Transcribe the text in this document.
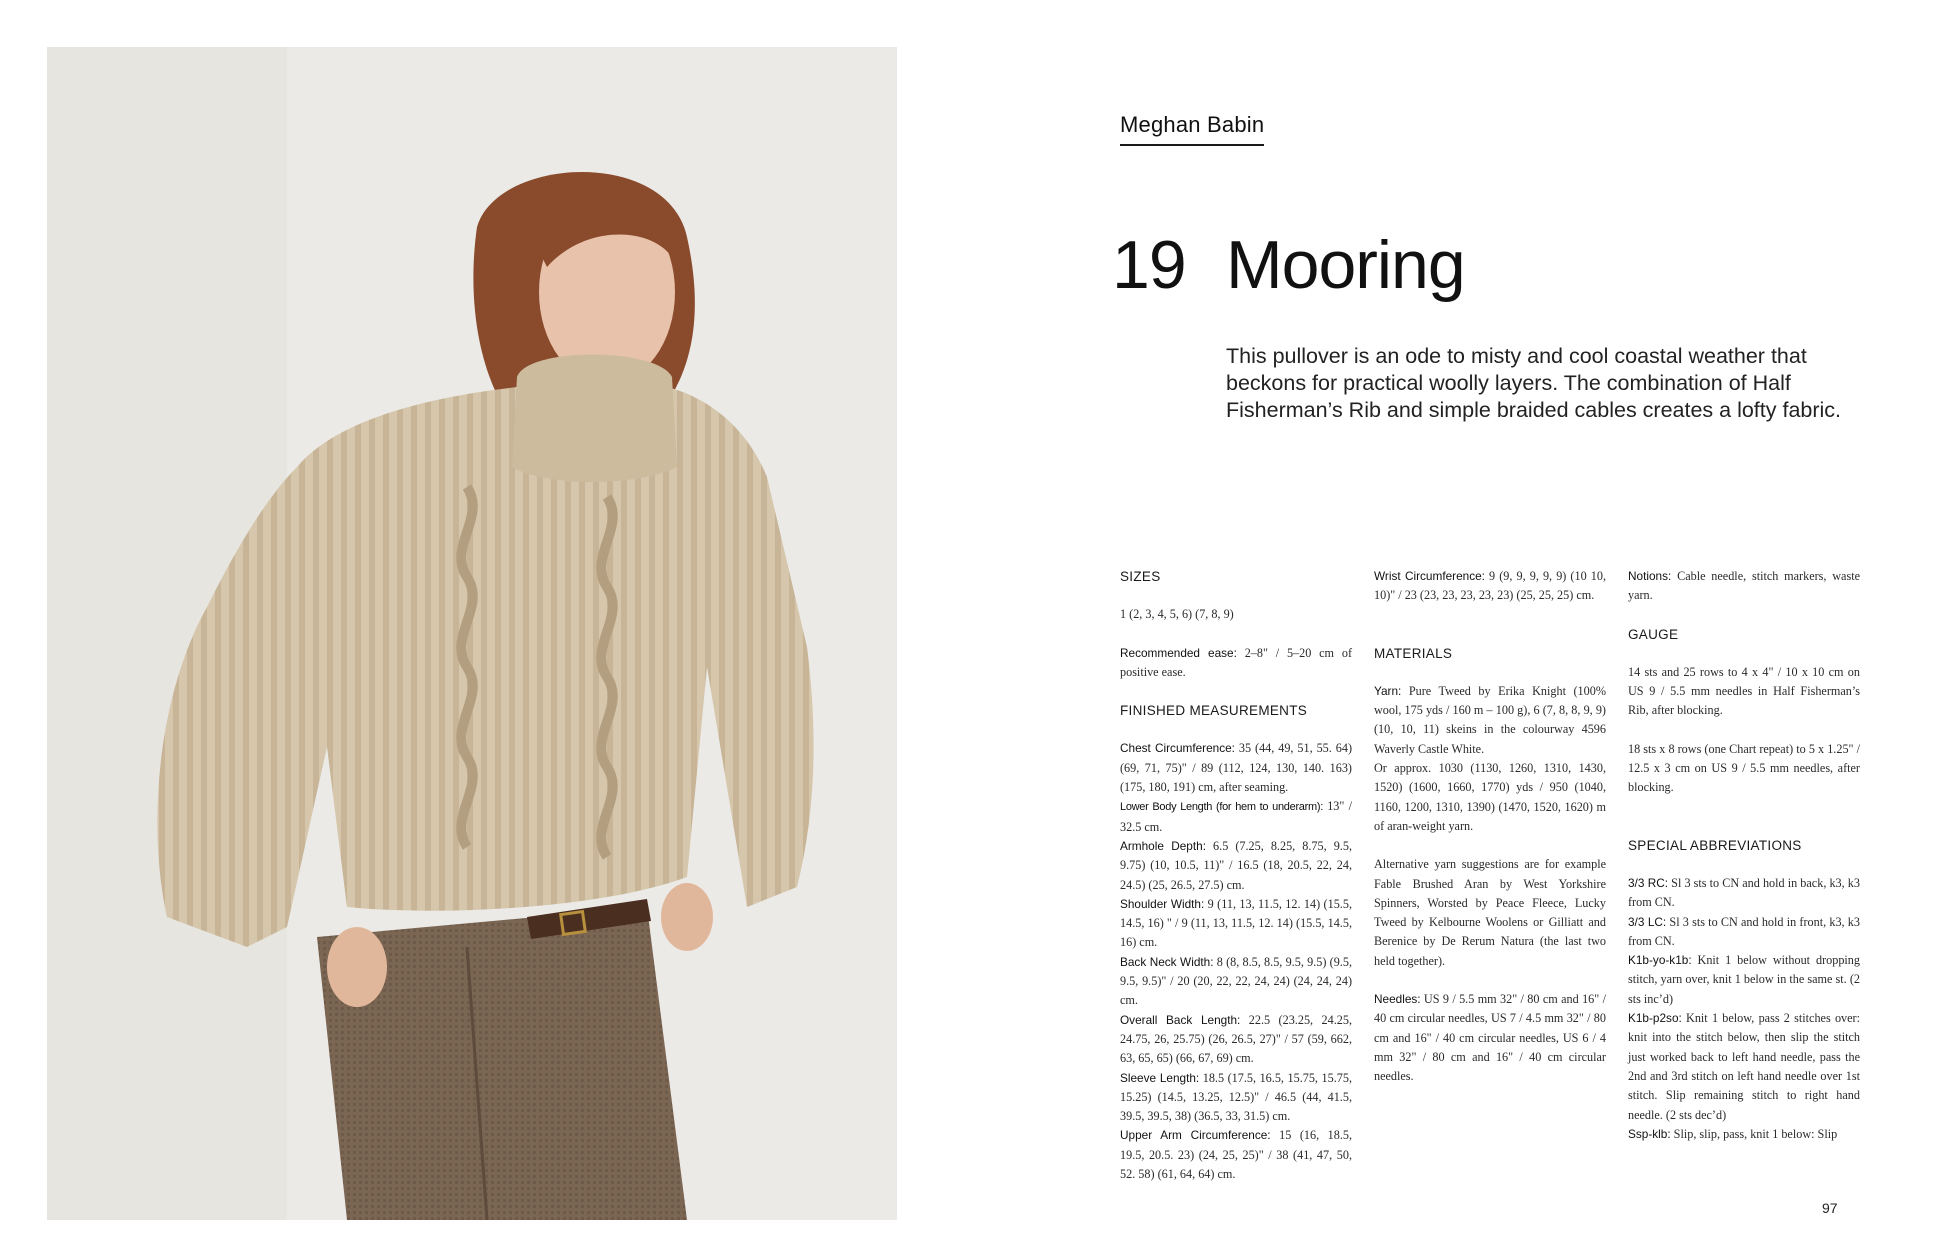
Meghan Babin
19 Mooring
This pullover is an ode to misty and cool coastal weather that beckons for practical woolly layers. The combination of Half Fisherman’s Rib and simple braided cables creates a lofty fabric.

SIZES

1 (2, 3, 4, 5, 6) (7, 8, 9)

Recommended ease: 2–8" / 5–20 cm of positive ease.

FINISHED MEASUREMENTS

Chest Circumference: 35 (44, 49, 51, 55. 64) (69, 71, 75)" / 89 (112, 124, 130, 140. 163) (175, 180, 191) cm, after seaming.

Lower Body Length (for hem to underarm): 13" / 32.5 cm.

Armhole Depth: 6.5 (7.25, 8.25, 8.75, 9.5, 9.75) (10, 10.5, 11)" / 16.5 (18, 20.5, 22, 24, 24.5) (25, 26.5, 27.5) cm.

Shoulder Width: 9 (11, 13, 11.5, 12. 14) (15.5, 14.5, 16) " / 9 (11, 13, 11.5, 12. 14) (15.5, 14.5, 16) cm.

Back Neck Width: 8 (8, 8.5, 8.5, 9.5, 9.5) (9.5, 9.5, 9.5)" / 20 (20, 22, 22, 24, 24) (24, 24, 24) cm.

Overall Back Length: 22.5 (23.25, 24.25, 24.75, 26, 25.75) (26, 26.5, 27)" / 57 (59, 662, 63, 65, 65) (66, 67, 69) cm.

Sleeve Length: 18.5 (17.5, 16.5, 15.75, 15.75, 15.25) (14.5, 13.25, 12.5)" / 46.5 (44, 41.5, 39.5, 39.5, 38) (36.5, 33, 31.5) cm.

Upper Arm Circumference: 15 (16, 18.5, 19.5, 20.5. 23) (24, 25, 25)" / 38 (41, 47, 50, 52. 58) (61, 64, 64) cm.

Wrist Circumference: 9 (9, 9, 9, 9, 9) (10 10, 10)" / 23 (23, 23, 23, 23, 23) (25, 25, 25) cm.

MATERIALS

Yarn: Pure Tweed by Erika Knight (100% wool, 175 yds / 160 m – 100 g), 6 (7, 8, 8, 9, 9) (10, 10, 11) skeins in the colourway 4596 Waverly Castle White.

Or approx. 1030 (1130, 1260, 1310, 1430, 1520) (1600, 1660, 1770) yds / 950 (1040, 1160, 1200, 1310, 1390) (1470, 1520, 1620) m of aran-weight yarn.

Alternative yarn suggestions are for example Fable Brushed Aran by West Yorkshire Spinners, Worsted by Peace Fleece, Lucky Tweed by Kelbourne Woolens or Gilliatt and Berenice by De Rerum Natura (the last two held together).

Needles: US 9 / 5.5 mm 32" / 80 cm and 16" / 40 cm circular needles, US 7 / 4.5 mm 32" / 80 cm and 16" / 40 cm circular needles, US 6 / 4 mm 32" / 80 cm and 16" / 40 cm circular needles.

Notions: Cable needle, stitch markers, waste yarn.

GAUGE

14 sts and 25 rows to 4 x 4" / 10 x 10 cm on US 9 / 5.5 mm needles in Half Fisherman’s Rib, after blocking.

18 sts x 8 rows (one Chart repeat) to 5 x 1.25" / 12.5 x 3 cm on US 9 / 5.5 mm needles, after blocking.

SPECIAL ABBREVIATIONS

3/3 RC: Sl 3 sts to CN and hold in back, k3, k3 from CN.

3/3 LC: Sl 3 sts to CN and hold in front, k3, k3 from CN.

K1b-yo-k1b: Knit 1 below without dropping stitch, yarn over, knit 1 below in the same st. (2 sts inc’d)

K1b-p2so: Knit 1 below, pass 2 stitches over: knit into the stitch below, then slip the stitch just worked back to left hand needle, pass the 2nd and 3rd stitch on left hand needle over 1st stitch. Slip remaining stitch to right hand needle. (2 sts dec’d)

Ssp-klb: Slip, slip, pass, knit 1 below: Slip

97
